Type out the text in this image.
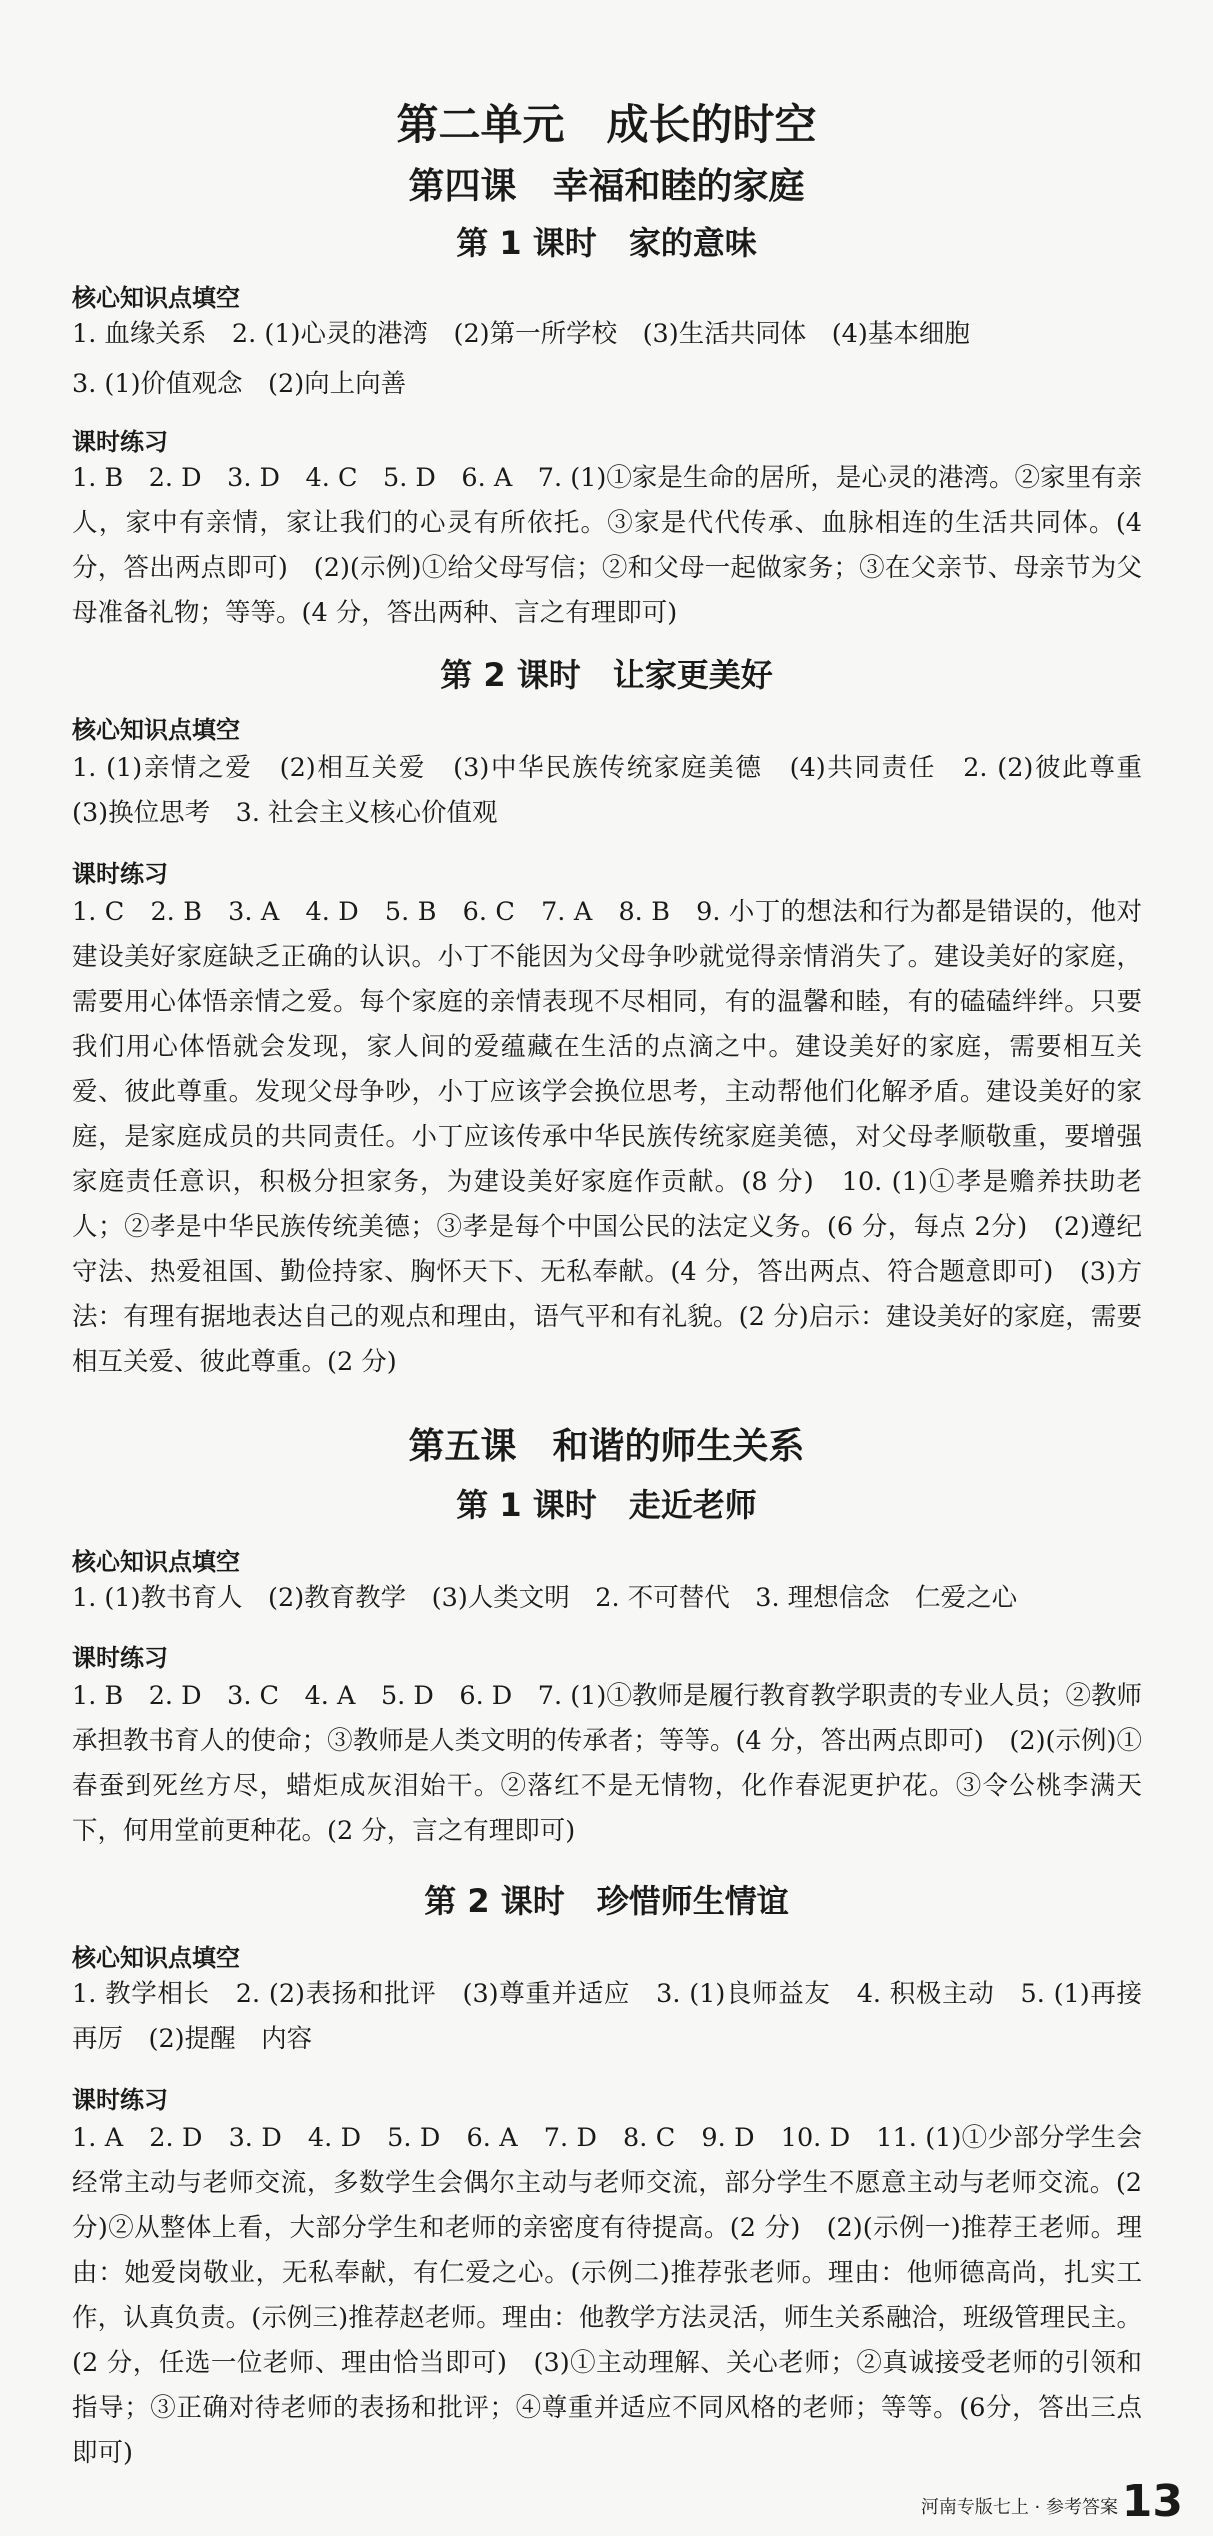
第二单元　成长的时空
第四课　幸福和睦的家庭
第 1 课时　家的意味
核心知识点填空
1. 血缘关系　2. (1)心灵的港湾　(2)第一所学校　(3)生活共同体　(4)基本细胞
3. (1)价值观念　(2)向上向善
课时练习
1. B　2. D　3. D　4. C　5. D　6. A　7. (1)①家是生命的居所，是心灵的港湾。②家里有亲人，家中有亲情，家让我们的心灵有所依托。③家是代代传承、血脉相连的生活共同体。(4分，答出两点即可)　(2)(示例)①给父母写信；②和父母一起做家务；③在父亲节、母亲节为父母准备礼物；等等。(4 分，答出两种、言之有理即可)
第 2 课时　让家更美好
核心知识点填空
1. (1)亲情之爱　(2)相互关爱　(3)中华民族传统家庭美德　(4)共同责任　2. (2)彼此尊重　(3)换位思考　3. 社会主义核心价值观
课时练习
1. C　2. B　3. A　4. D　5. B　6. C　7. A　8. B　9. 小丁的想法和行为都是错误的，他对建设美好家庭缺乏正确的认识。小丁不能因为父母争吵就觉得亲情消失了。建设美好的家庭，需要用心体悟亲情之爱。每个家庭的亲情表现不尽相同，有的温馨和睦，有的磕磕绊绊。只要我们用心体悟就会发现，家人间的爱蕴藏在生活的点滴之中。建设美好的家庭，需要相互关爱、彼此尊重。发现父母争吵，小丁应该学会换位思考，主动帮他们化解矛盾。建设美好的家庭，是家庭成员的共同责任。小丁应该传承中华民族传统家庭美德，对父母孝顺敬重，要增强家庭责任意识，积极分担家务，为建设美好家庭作贡献。(8 分)　10. (1)①孝是赡养扶助老人；②孝是中华民族传统美德；③孝是每个中国公民的法定义务。(6 分，每点 2分)　(2)遵纪守法、热爱祖国、勤俭持家、胸怀天下、无私奉献。(4 分，答出两点、符合题意即可)　(3)方法：有理有据地表达自己的观点和理由，语气平和有礼貌。(2 分)启示：建设美好的家庭，需要相互关爱、彼此尊重。(2 分)
第五课　和谐的师生关系
第 1 课时　走近老师
核心知识点填空
1. (1)教书育人　(2)教育教学　(3)人类文明　2. 不可替代　3. 理想信念　仁爱之心
课时练习
1. B　2. D　3. C　4. A　5. D　6. D　7. (1)①教师是履行教育教学职责的专业人员；②教师承担教书育人的使命；③教师是人类文明的传承者；等等。(4 分，答出两点即可)　(2)(示例)①春蚕到死丝方尽，蜡炬成灰泪始干。②落红不是无情物，化作春泥更护花。③令公桃李满天下，何用堂前更种花。(2 分，言之有理即可)
第 2 课时　珍惜师生情谊
核心知识点填空
1. 教学相长　2. (2)表扬和批评　(3)尊重并适应　3. (1)良师益友　4. 积极主动　5. (1)再接再厉　(2)提醒　内容
课时练习
1. A　2. D　3. D　4. D　5. D　6. A　7. D　8. C　9. D　10. D　11. (1)①少部分学生会经常主动与老师交流，多数学生会偶尔主动与老师交流，部分学生不愿意主动与老师交流。(2分)②从整体上看，大部分学生和老师的亲密度有待提高。(2 分)　(2)(示例一)推荐王老师。理由：她爱岗敬业，无私奉献，有仁爱之心。(示例二)推荐张老师。理由：他师德高尚，扎实工作，认真负责。(示例三)推荐赵老师。理由：他教学方法灵活，师生关系融洽，班级管理民主。(2 分，任选一位老师、理由恰当即可)　(3)①主动理解、关心老师；②真诚接受老师的引领和指导；③正确对待老师的表扬和批评；④尊重并适应不同风格的老师；等等。(6分，答出三点即可)
河南专版七上 · 参考答案 13
